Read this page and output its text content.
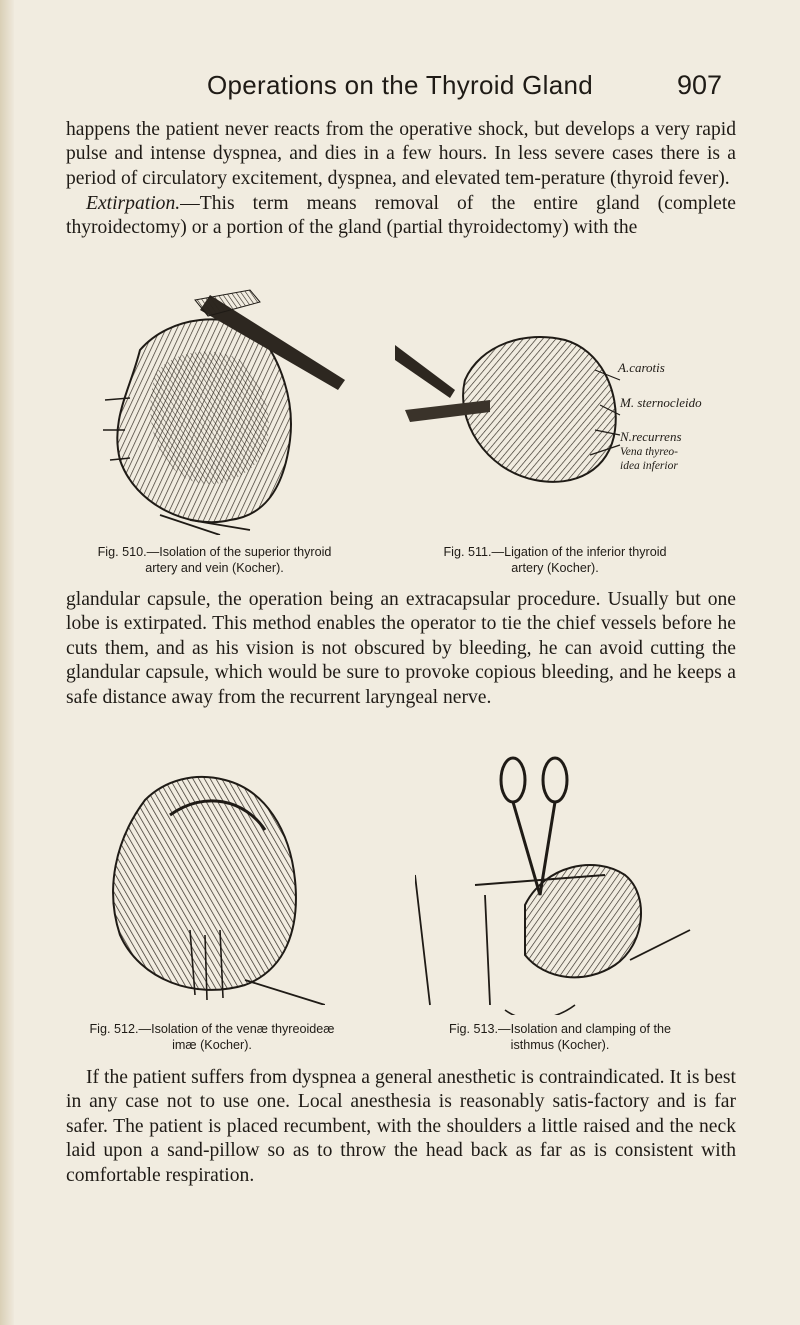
Operations on the Thyroid Gland	907

happens the patient never reacts from the operative shock, but develops a very rapid pulse and intense dyspnea, and dies in a few hours. In less severe cases there is a period of circulatory excitement, dyspnea, and elevated tem-perature (thyroid fever).

Extirpation.—This term means removal of the entire gland (complete thyroidectomy) or a portion of the gland (partial thyroidectomy) with the

Fig. 510.—Isolation of the superior thyroid
artery and vein (Kocher).

A.carotis
M. sternocleido
N.recurrens
Vena thyreo-
idea inferior

Fig. 511.—Ligation of the inferior thyroid
artery (Kocher).

glandular capsule, the operation being an extracapsular procedure. Usually but one lobe is extirpated. This method enables the operator to tie the chief vessels before he cuts them, and as his vision is not obscured by bleeding, he can avoid cutting the glandular capsule, which would be sure to provoke copious bleeding, and he keeps a safe distance away from the recurrent laryngeal nerve.

Fig. 512.—Isolation of the venæ thyreoideæ
imæ (Kocher).

Fig. 513.—Isolation and clamping of the
isthmus (Kocher).

If the patient suffers from dyspnea a general anesthetic is contraindicated. It is best in any case not to use one. Local anesthesia is reasonably satis-factory and is far safer. The patient is placed recumbent, with the shoulders a little raised and the neck laid upon a sand-pillow so as to throw the head back as far as is consistent with comfortable respiration.
